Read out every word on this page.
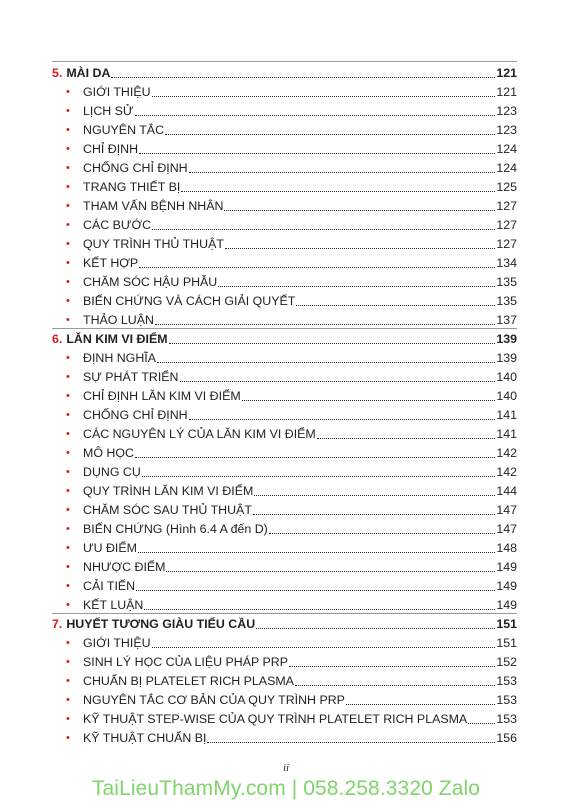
5. MÀI DA	121
•	GIỚI THIỆU	121
•	LỊCH SỬ	123
•	NGUYÊN TẮC	123
•	CHỈ ĐỊNH	124
•	CHỐNG CHỈ ĐỊNH	124
•	TRANG THIẾT BỊ	125
•	THAM VẤN BỆNH NHÂN	127
•	CÁC BƯỚC	127
•	QUY TRÌNH THỦ THUẬT	127
•	KẾT HỢP	134
•	CHĂM SÓC HẬU PHẪU	135
•	BIẾN CHỨNG VÀ CÁCH GIẢI QUYẾT	135
•	THẢO LUẬN	137
6. LĂN KIM VI ĐIỂM	139
•	ĐỊNH NGHĨA	139
•	SỰ PHÁT TRIỂN	140
•	CHỈ ĐỊNH LĂN KIM VI ĐIỂM	140
•	CHỐNG CHỈ ĐỊNH	141
•	CÁC NGUYÊN LÝ CỦA LĂN KIM VI ĐIỂM	141
•	MÔ HỌC	142
•	DỤNG CỤ	142
•	QUY TRÌNH LĂN KIM VI ĐIỂM	144
•	CHĂM SÓC SAU THỦ THUẬT	147
•	BIẾN CHỨNG (Hình 6.4 A đến D)	147
•	ƯU ĐIỂM	148
•	NHƯỢC ĐIỂM	149
•	CẢI TIẾN	149
•	KẾT LUẬN	149
7. HUYẾT TƯƠNG GIÀU TIỂU CẦU	151
•	GIỚI THIỆU	151
•	SINH LÝ HỌC CỦA LIỆU PHÁP PRP	152
•	CHUẨN BỊ PLATELET RICH PLASMA	153
•	NGUYÊN TẮC CƠ BẢN CỦA QUY TRÌNH PRP	153
•	KỸ THUẬT STEP-WISE CỦA QUY TRÌNH PLATELET RICH PLASMA 153
•	KỸ THUẬT CHUẨN BỊ	156
ii
TaiLieuThamMy.com | 058.258.3320 Zalo
